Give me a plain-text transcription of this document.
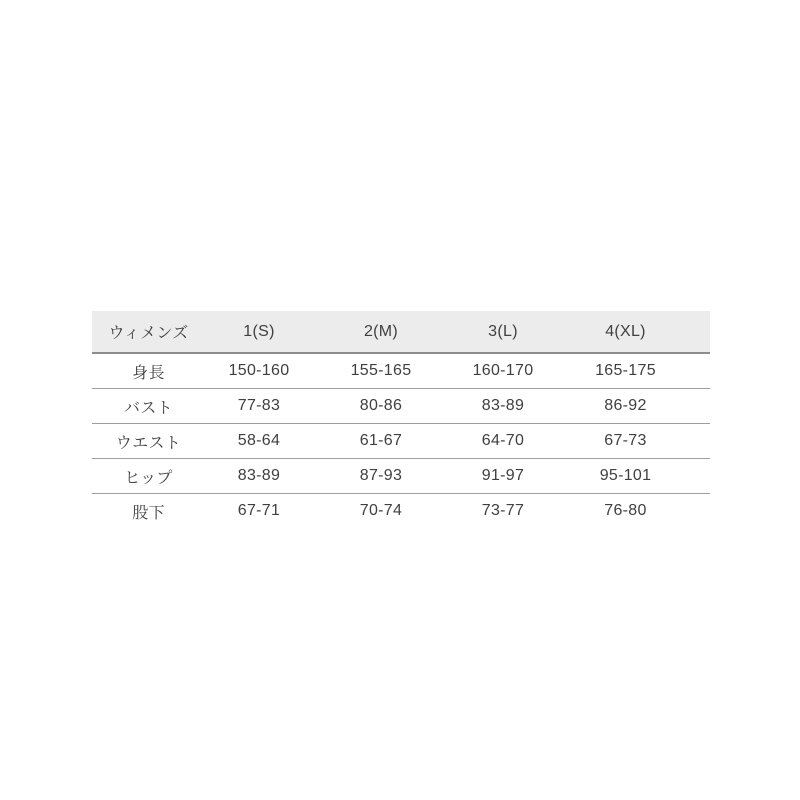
ウィメンズ	1(S)	2(M)	3(L)	4(XL)
身長	150-160	155-165	160-170	165-175
バスト	77-83	80-86	83-89	86-92
ウエスト	58-64	61-67	64-70	67-73
ヒップ	83-89	87-93	91-97	95-101
股下	67-71	70-74	73-77	76-80
